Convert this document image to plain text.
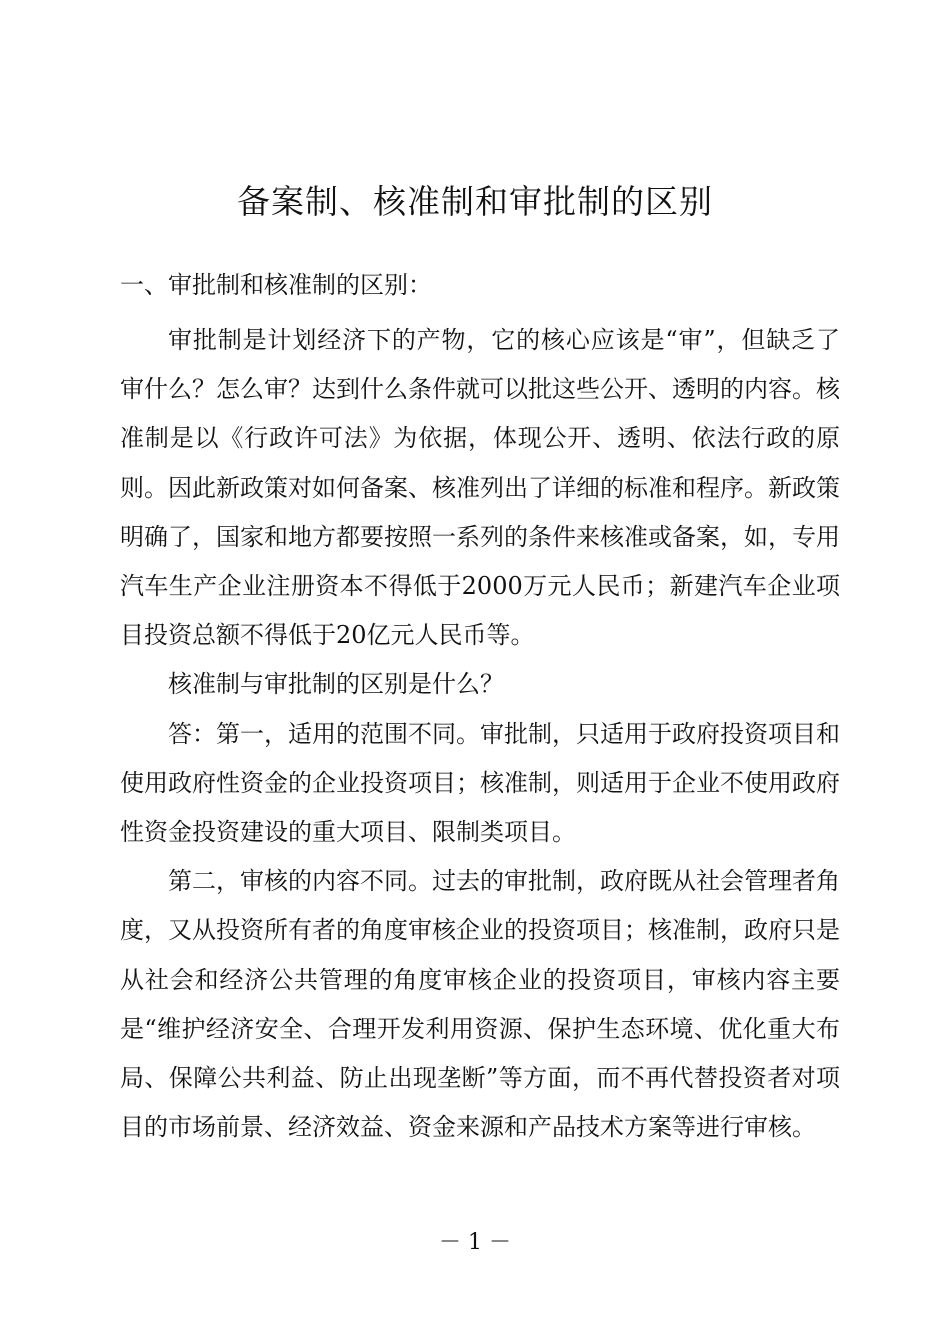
备案制、核准制和审批制的区别
一、审批制和核准制的区别：

审批制是计划经济下的产物，它的核心应该是“审”，但缺乏了审什么？怎么审？达到什么条件就可以批这些公开、透明的内容。核准制是以《行政许可法》为依据，体现公开、透明、依法行政的原则。因此新政策对如何备案、核准列出了详细的标准和程序。新政策明确了，国家和地方都要按照一系列的条件来核准或备案，如，专用汽车生产企业注册资本不得低于2000万元人民币；新建汽车企业项目投资总额不得低于20亿元人民币等。

核准制与审批制的区别是什么？

答：第一，适用的范围不同。审批制，只适用于政府投资项目和使用政府性资金的企业投资项目；核准制，则适用于企业不使用政府性资金投资建设的重大项目、限制类项目。

第二，审核的内容不同。过去的审批制，政府既从社会管理者角度，又从投资所有者的角度审核企业的投资项目；核准制，政府只是从社会和经济公共管理的角度审核企业的投资项目，审核内容主要是“维护经济安全、合理开发利用资源、保护生态环境、优化重大布局、保障公共利益、防止出现垄断”等方面，而不再代替投资者对项目的市场前景、经济效益、资金来源和产品技术方案等进行审核。

－ 1 －
